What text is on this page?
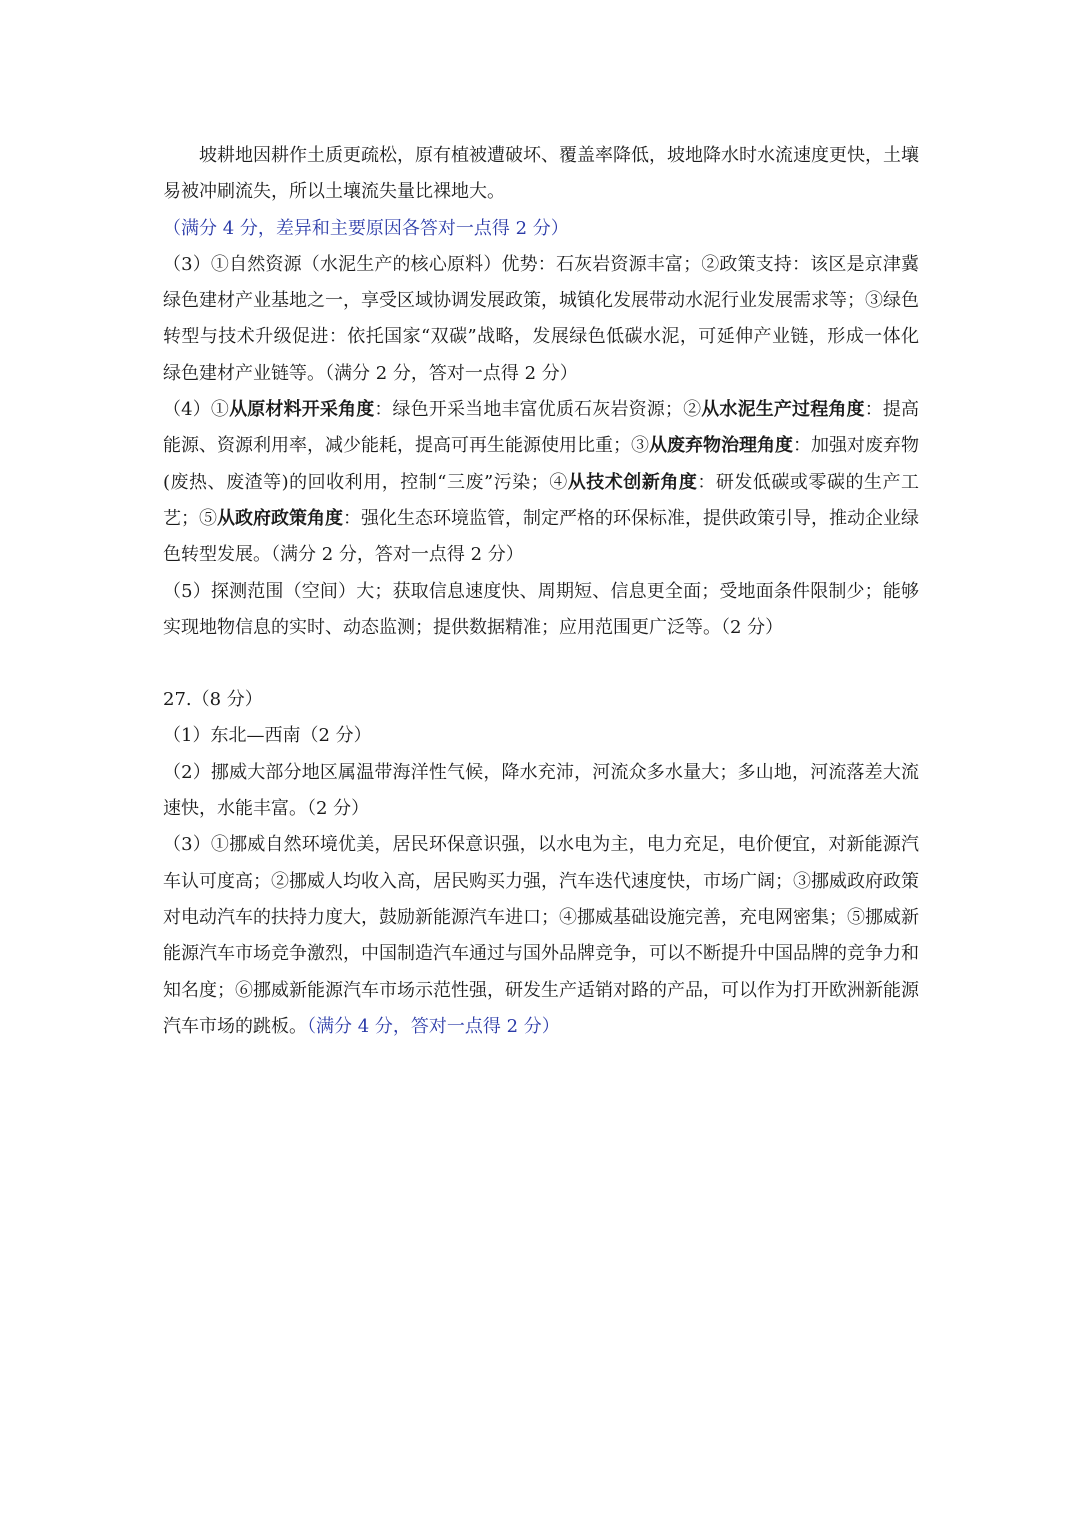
坡耕地因耕作土质更疏松，原有植被遭破坏、覆盖率降低，坡地降水时水流速度更快，土壤易被冲刷流失，所以土壤流失量比裸地大。

（满分 4 分，差异和主要原因各答对一点得 2 分）

（3）①自然资源（水泥生产的核心原料）优势：石灰岩资源丰富；②政策支持：该区是京津冀绿色建材产业基地之一，享受区域协调发展政策，城镇化发展带动水泥行业发展需求等；③绿色转型与技术升级促进：依托国家“双碳”战略，发展绿色低碳水泥，可延伸产业链，形成一体化绿色建材产业链等。（满分 2 分，答对一点得 2 分）

（4）①从原材料开采角度：绿色开采当地丰富优质石灰岩资源；②从水泥生产过程角度：提高能源、资源利用率，减少能耗，提高可再生能源使用比重；③从废弃物治理角度：加强对废弃物(废热、废渣等)的回收利用，控制“三废”污染；④从技术创新角度：研发低碳或零碳的生产工艺；⑤从政府政策角度：强化生态环境监管，制定严格的环保标准，提供政策引导，推动企业绿色转型发展。（满分 2 分，答对一点得 2 分）

（5）探测范围（空间）大；获取信息速度快、周期短、信息更全面；受地面条件限制少；能够实现地物信息的实时、动态监测；提供数据精准；应用范围更广泛等。（2 分）

27.（8 分）

（1）东北—西南（2 分）

（2）挪威大部分地区属温带海洋性气候，降水充沛，河流众多水量大；多山地，河流落差大流速快，水能丰富。（2 分）

（3）①挪威自然环境优美，居民环保意识强，以水电为主，电力充足，电价便宜，对新能源汽车认可度高；②挪威人均收入高，居民购买力强，汽车迭代速度快，市场广阔；③挪威政府政策对电动汽车的扶持力度大，鼓励新能源汽车进口；④挪威基础设施完善，充电网密集；⑤挪威新能源汽车市场竞争激烈，中国制造汽车通过与国外品牌竞争，可以不断提升中国品牌的竞争力和知名度；⑥挪威新能源汽车市场示范性强，研发生产适销对路的产品，可以作为打开欧洲新能源汽车市场的跳板。（满分 4 分，答对一点得 2 分）
